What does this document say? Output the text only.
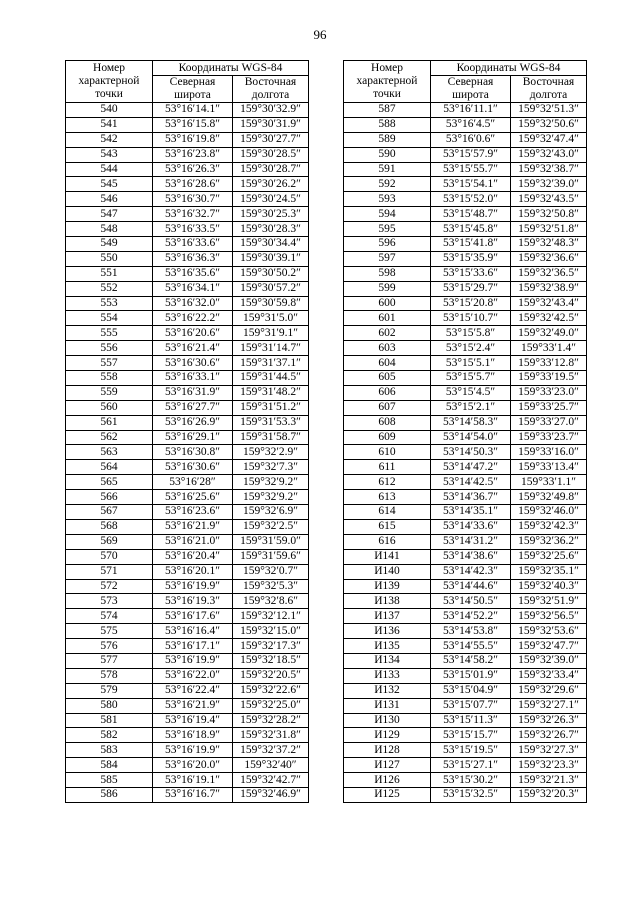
96
Номер характерной точки	Координаты WGS-84	
	Северная широта	Восточная долгота

540	53°16′14.1″	159°30′32.9″
541	53°16′15.8″	159°30′31.9″
542	53°16′19.8″	159°30′27.7″
543	53°16′23.8″	159°30′28.5″
544	53°16′26.3″	159°30′28.7″
545	53°16′28.6″	159°30′26.2″
546	53°16′30.7″	159°30′24.5″
547	53°16′32.7″	159°30′25.3″
548	53°16′33.5″	159°30′28.3″
549	53°16′33.6″	159°30′34.4″
550	53°16′36.3″	159°30′39.1″
551	53°16′35.6″	159°30′50.2″
552	53°16′34.1″	159°30′57.2″
553	53°16′32.0″	159°30′59.8″
554	53°16′22.2″	159°31′5.0″
555	53°16′20.6″	159°31′9.1″
556	53°16′21.4″	159°31′14.7″
557	53°16′30.6″	159°31′37.1″
558	53°16′33.1″	159°31′44.5″
559	53°16′31.9″	159°31′48.2″
560	53°16′27.7″	159°31′51.2″
561	53°16′26.9″	159°31′53.3″
562	53°16′29.1″	159°31′58.7″
563	53°16′30.8″	159°32′2.9″
564	53°16′30.6″	159°32′7.3″
565	53°16′28″	159°32′9.2″
566	53°16′25.6″	159°32′9.2″
567	53°16′23.6″	159°32′6.9″
568	53°16′21.9″	159°32′2.5″
569	53°16′21.0″	159°31′59.0″
570	53°16′20.4″	159°31′59.6″
571	53°16′20.1″	159°32′0.7″
572	53°16′19.9″	159°32′5.3″
573	53°16′19.3″	159°32′8.6″
574	53°16′17.6″	159°32′12.1″
575	53°16′16.4″	159°32′15.0″
576	53°16′17.1″	159°32′17.3″
577	53°16′19.9″	159°32′18.5″
578	53°16′22.0″	159°32′20.5″
579	53°16′22.4″	159°32′22.6″
580	53°16′21.9″	159°32′25.0″
581	53°16′19.4″	159°32′28.2″
582	53°16′18.9″	159°32′31.8″
583	53°16′19.9″	159°32′37.2″
584	53°16′20.0″	159°32′40″
585	53°16′19.1″	159°32′42.7″
586	53°16′16.7″	159°32′46.9″
Номер характерной точки	Координаты WGS-84	
	Северная широта	Восточная долгота

587	53°16′11.1″	159°32′51.3″
588	53°16′4.5″	159°32′50.6″
589	53°16′0.6″	159°32′47.4″
590	53°15′57.9″	159°32′43.0″
591	53°15′55.7″	159°32′38.7″
592	53°15′54.1″	159°32′39.0″
593	53°15′52.0″	159°32′43.5″
594	53°15′48.7″	159°32′50.8″
595	53°15′45.8″	159°32′51.8″
596	53°15′41.8″	159°32′48.3″
597	53°15′35.9″	159°32′36.6″
598	53°15′33.6″	159°32′36.5″
599	53°15′29.7″	159°32′38.9″
600	53°15′20.8″	159°32′43.4″
601	53°15′10.7″	159°32′42.5″
602	53°15′5.8″	159°32′49.0″
603	53°15′2.4″	159°33′1.4″
604	53°15′5.1″	159°33′12.8″
605	53°15′5.7″	159°33′19.5″
606	53°15′4.5″	159°33′23.0″
607	53°15′2.1″	159°33′25.7″
608	53°14′58.3″	159°33′27.0″
609	53°14′54.0″	159°33′23.7″
610	53°14′50.3″	159°33′16.0″
611	53°14′47.2″	159°33′13.4″
612	53°14′42.5″	159°33′1.1″
613	53°14′36.7″	159°32′49.8″
614	53°14′35.1″	159°32′46.0″
615	53°14′33.6″	159°32′42.3″
616	53°14′31.2″	159°32′36.2″
И141	53°14′38.6″	159°32′25.6″
И140	53°14′42.3″	159°32′35.1″
И139	53°14′44.6″	159°32′40.3″
И138	53°14′50.5″	159°32′51.9″
И137	53°14′52.2″	159°32′56.5″
И136	53°14′53.8″	159°32′53.6″
И135	53°14′55.5″	159°32′47.7″
И134	53°14′58.2″	159°32′39.0″
И133	53°15′01.9″	159°32′33.4″
И132	53°15′04.9″	159°32′29.6″
И131	53°15′07.7″	159°32′27.1″
И130	53°15′11.3″	159°32′26.3″
И129	53°15′15.7″	159°32′26.7″
И128	53°15′19.5″	159°32′27.3″
И127	53°15′27.1″	159°32′23.3″
И126	53°15′30.2″	159°32′21.3″
И125	53°15′32.5″	159°32′20.3″
